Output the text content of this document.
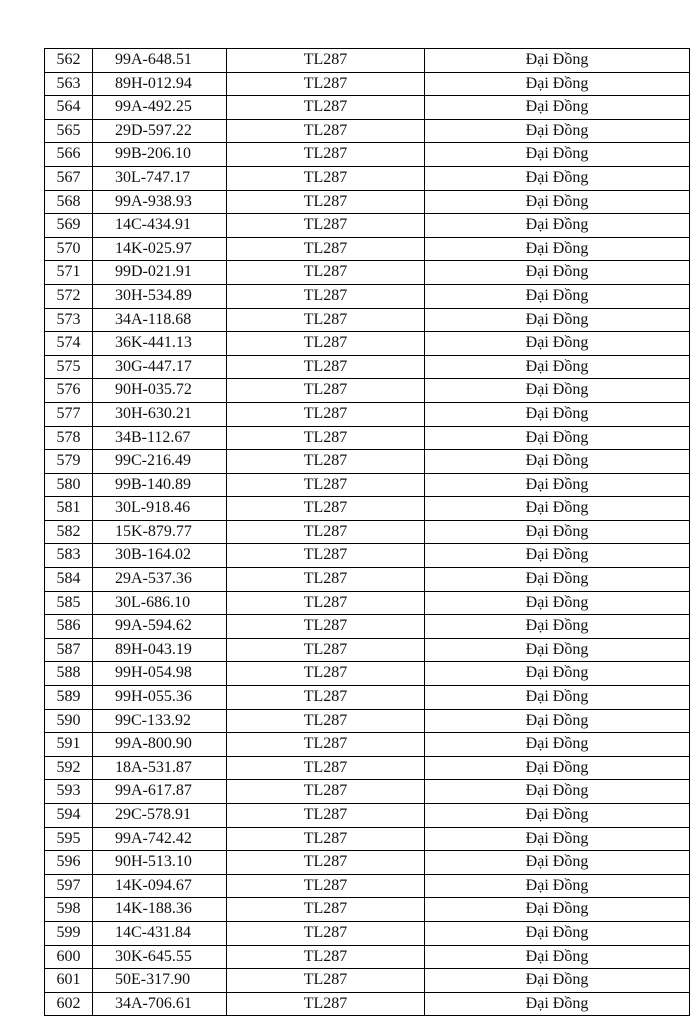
562	99A-648.51	TL287	Đại Đồng
563	89H-012.94	TL287	Đại Đồng
564	99A-492.25	TL287	Đại Đồng
565	29D-597.22	TL287	Đại Đồng
566	99B-206.10	TL287	Đại Đồng
567	30L-747.17	TL287	Đại Đồng
568	99A-938.93	TL287	Đại Đồng
569	14C-434.91	TL287	Đại Đồng
570	14K-025.97	TL287	Đại Đồng
571	99D-021.91	TL287	Đại Đồng
572	30H-534.89	TL287	Đại Đồng
573	34A-118.68	TL287	Đại Đồng
574	36K-441.13	TL287	Đại Đồng
575	30G-447.17	TL287	Đại Đồng
576	90H-035.72	TL287	Đại Đồng
577	30H-630.21	TL287	Đại Đồng
578	34B-112.67	TL287	Đại Đồng
579	99C-216.49	TL287	Đại Đồng
580	99B-140.89	TL287	Đại Đồng
581	30L-918.46	TL287	Đại Đồng
582	15K-879.77	TL287	Đại Đồng
583	30B-164.02	TL287	Đại Đồng
584	29A-537.36	TL287	Đại Đồng
585	30L-686.10	TL287	Đại Đồng
586	99A-594.62	TL287	Đại Đồng
587	89H-043.19	TL287	Đại Đồng
588	99H-054.98	TL287	Đại Đồng
589	99H-055.36	TL287	Đại Đồng
590	99C-133.92	TL287	Đại Đồng
591	99A-800.90	TL287	Đại Đồng
592	18A-531.87	TL287	Đại Đồng
593	99A-617.87	TL287	Đại Đồng
594	29C-578.91	TL287	Đại Đồng
595	99A-742.42	TL287	Đại Đồng
596	90H-513.10	TL287	Đại Đồng
597	14K-094.67	TL287	Đại Đồng
598	14K-188.36	TL287	Đại Đồng
599	14C-431.84	TL287	Đại Đồng
600	30K-645.55	TL287	Đại Đồng
601	50E-317.90	TL287	Đại Đồng
602	34A-706.61	TL287	Đại Đồng
